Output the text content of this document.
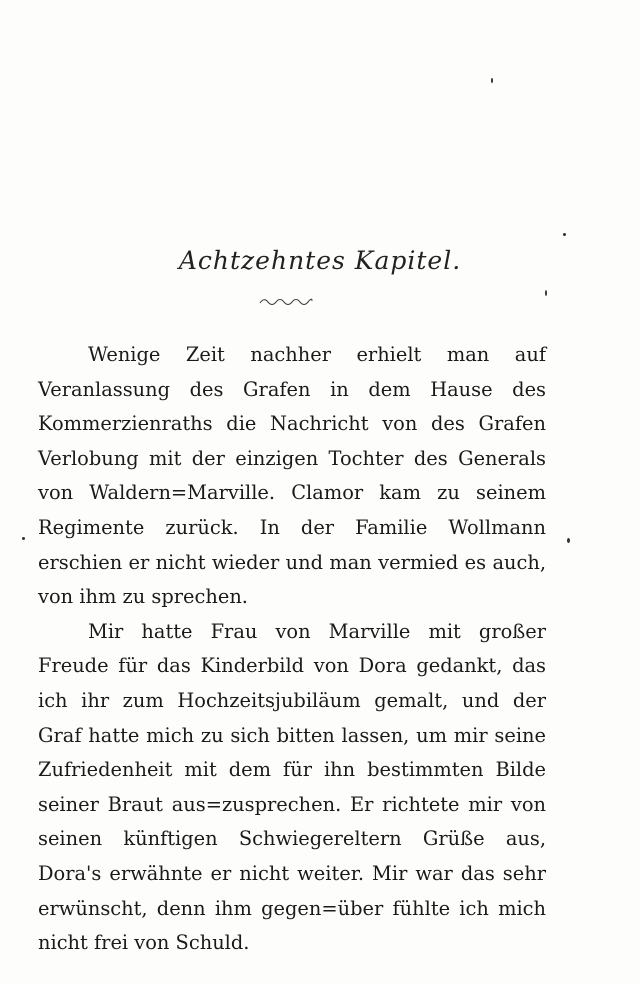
Achtzehntes Kapitel.

Wenige Zeit nachher erhielt man auf Veranlassung des Grafen in dem Hause des Kommerzienraths die Nachricht von des Grafen Verlobung mit der einzigen Tochter des Generals von Waldern=Marville. Clamor kam zu seinem Regimente zurück. In der Familie Wollmann erschien er nicht wieder und man vermied es auch, von ihm zu sprechen.

Mir hatte Frau von Marville mit großer Freude für das Kinderbild von Dora gedankt, das ich ihr zum Hochzeitsjubiläum gemalt, und der Graf hatte mich zu sich bitten lassen, um mir seine Zufriedenheit mit dem für ihn bestimmten Bilde seiner Braut aus=zusprechen. Er richtete mir von seinen künftigen Schwiegereltern Grüße aus, Dora's erwähnte er nicht weiter. Mir war das sehr erwünscht, denn ihm gegen=über fühlte ich mich nicht frei von Schuld.
